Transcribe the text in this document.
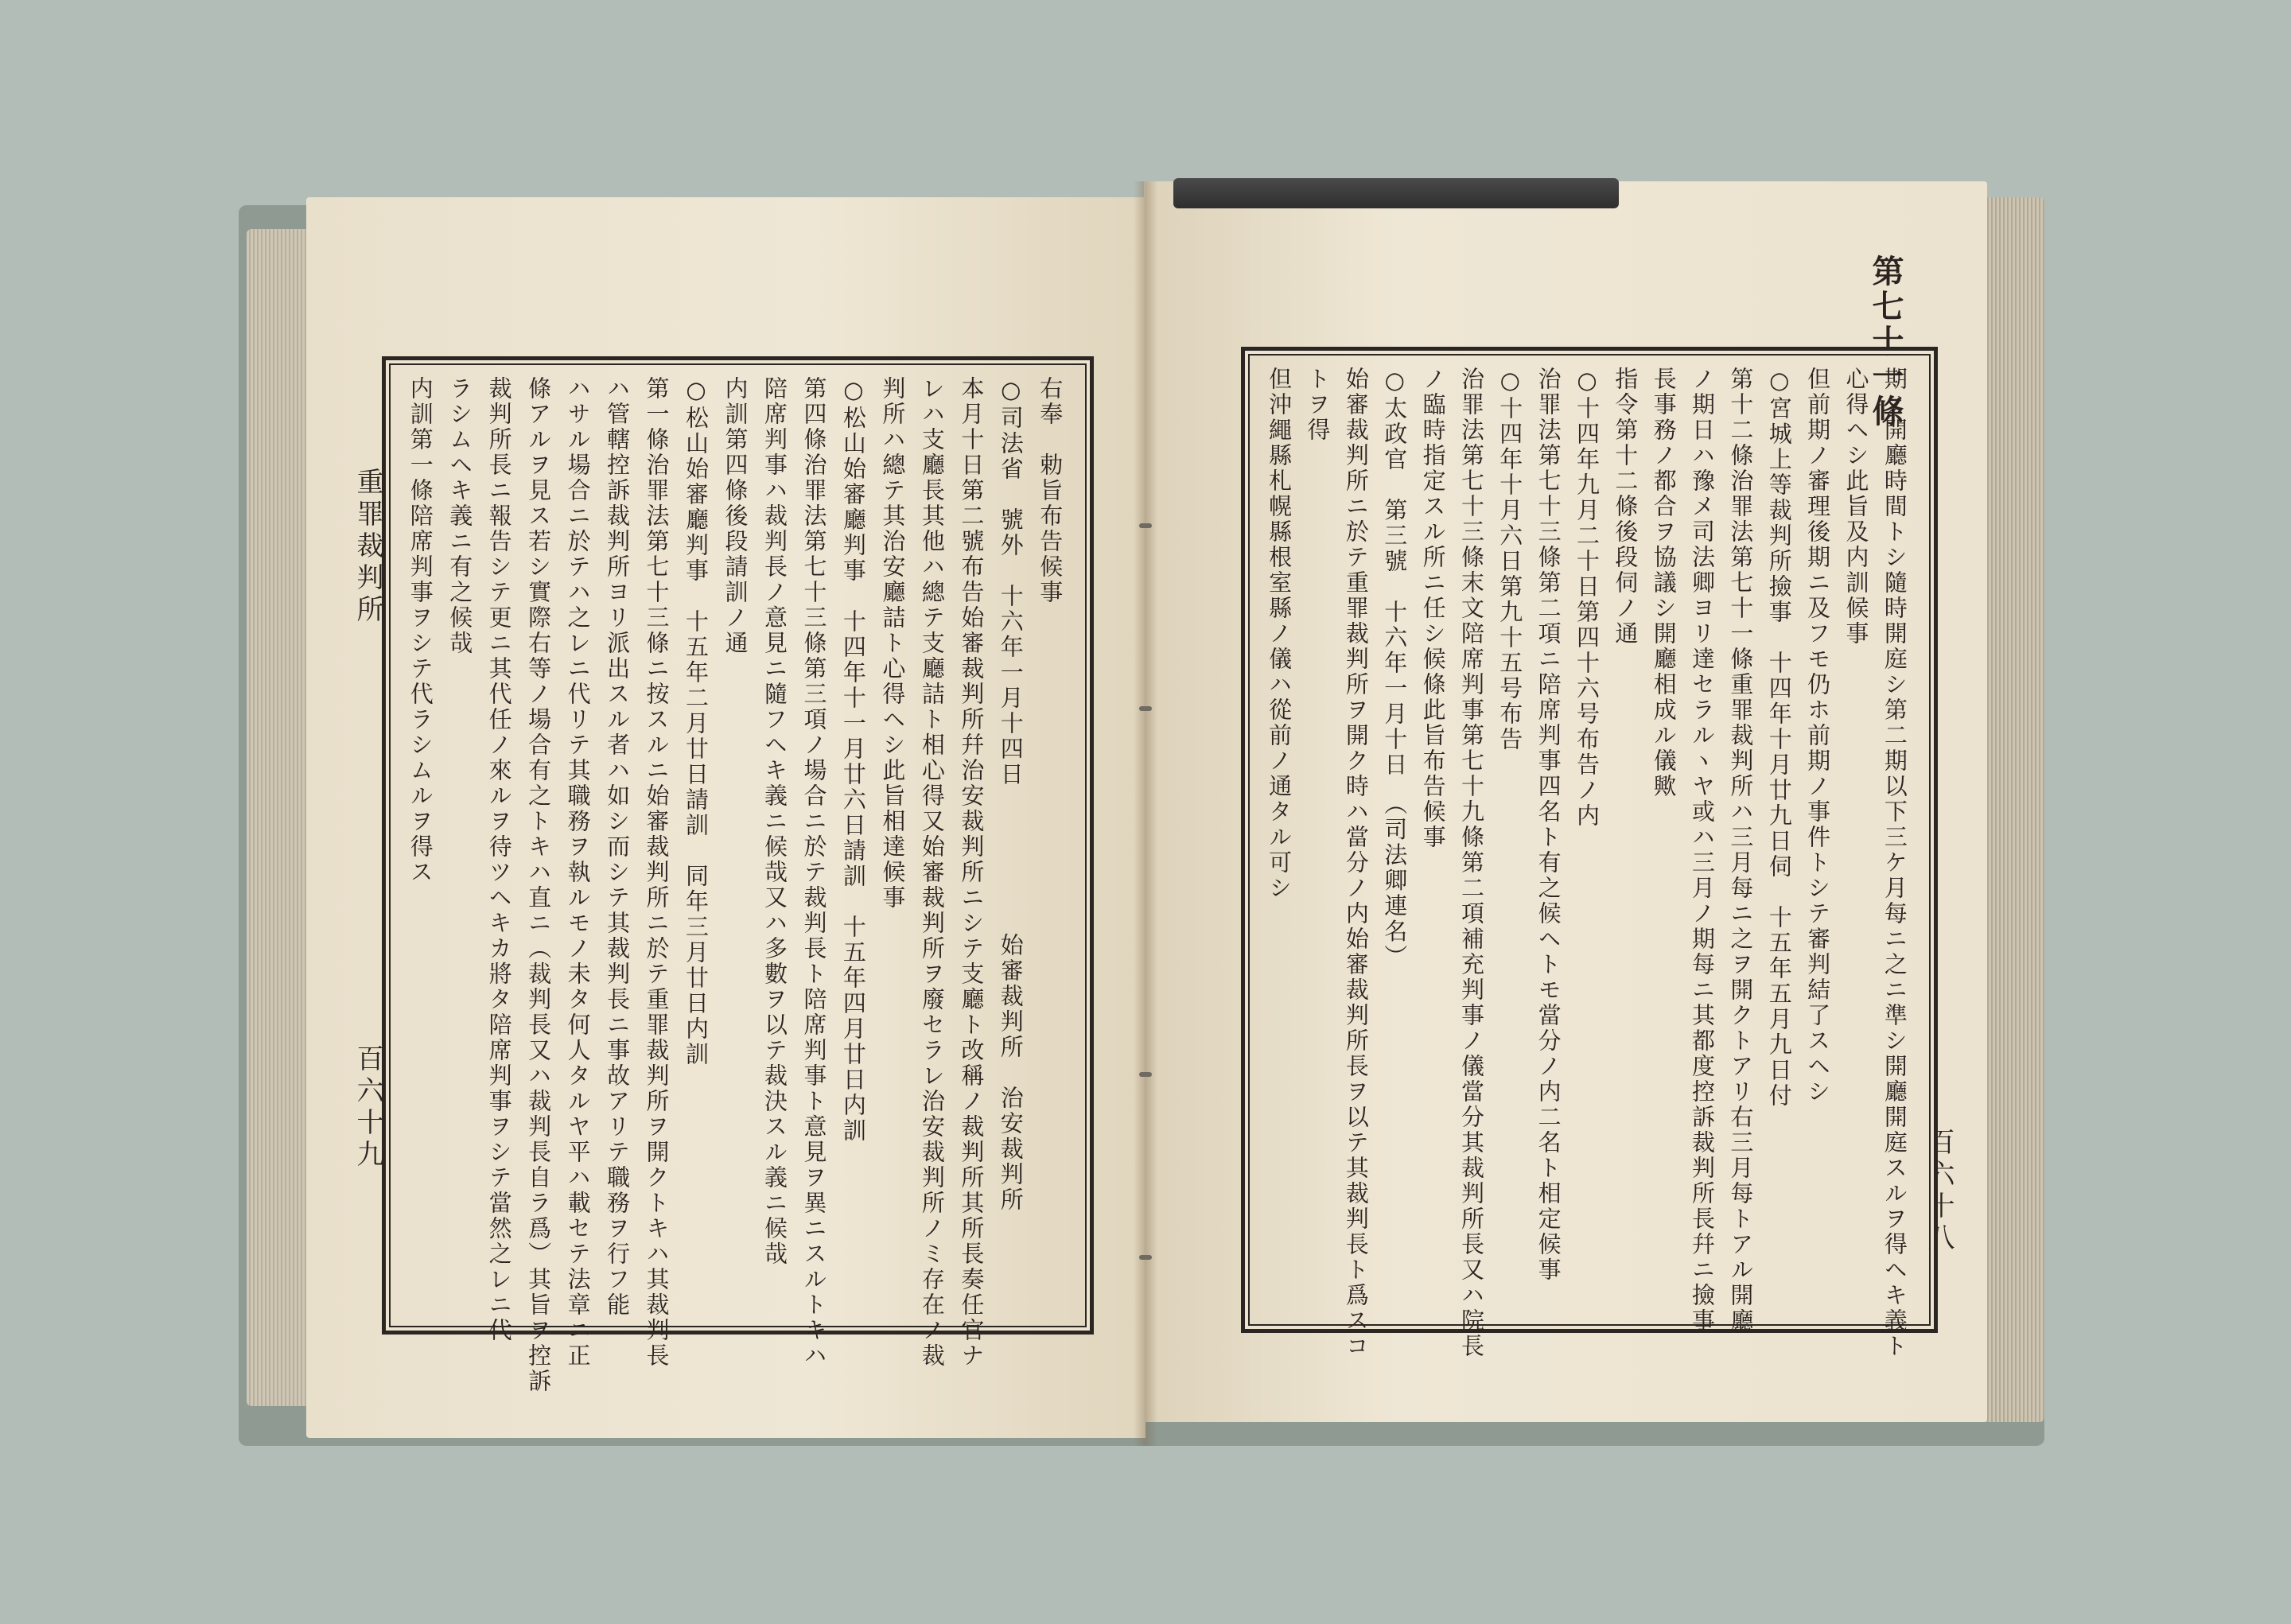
重罪裁判所
百六十九
右奉　勅旨布告候事
○司法省　號外　十六年一月十四日
本月十日第二號布告始審裁判所幷治安裁判所ニシテ支廳ト改稱ノ裁判所其所長奏任官ナ
レハ支廳長其他ハ總テ支廳詰ト相心得又始審裁判所ヲ廢セラレ治安裁判所ノミ存在ノ裁
判所ハ總テ其治安廳詰ト心得ヘシ此旨相達候事
○松山始審廳判事　十四年十一月廿六日請訓　十五年四月廿日内訓
第四條治罪法第七十三條第三項ノ場合ニ於テ裁判長ト陪席判事ト意見ヲ異ニスルトキハ
陪席判事ハ裁判長ノ意見ニ隨フヘキ義ニ候哉又ハ多數ヲ以テ裁決スル義ニ候哉
内訓第四條後段請訓ノ通
○松山始審廳判事　十五年二月廿日請訓　同年三月廿日内訓
第一條治罪法第七十三條ニ按スルニ始審裁判所ニ於テ重罪裁判所ヲ開クトキハ其裁判長
ハ管轄控訴裁判所ヨリ派出スル者ハ如シ而シテ其裁判長ニ事故アリテ職務ヲ行フ能
ハサル場合ニ於テハ之レニ代リテ其職務ヲ執ルモノ未タ何人タルヤ平ハ載セテ法章ニ正
條アルヲ見ス若シ實際右等ノ場合有之トキハ直ニ（裁判長又ハ裁判長自ラ爲）其旨ヲ控訴
裁判所長ニ報告シテ更ニ其代任ノ來ルヲ待ツヘキカ將タ陪席判事ヲシテ當然之レニ代
ラシムヘキ義ニ有之候哉
内訓第一條陪席判事ヲシテ代ラシムルヲ得ス
始審裁判所　治安裁判所
第七十一條
百六十八
期ノ開廳時間トシ隨時開庭シ第二期以下三ケ月每ニ之ニ準シ開廳開庭スルヲ得ヘキ義ト
心得ヘシ此旨及内訓候事
但前期ノ審理後期ニ及フモ仍ホ前期ノ事件トシテ審判結了スヘシ
○宮城上等裁判所撿事　十四年十月廿九日伺　十五年五月九日付
第十二條治罪法第七十一條重罪裁判所ハ三月每ニ之ヲ開クトアリ右三月每トアル開廳
ノ期日ハ豫メ司法卿ヨリ達セラルヽヤ或ハ三月ノ期每ニ其都度控訴裁判所長幷ニ撿事
長事務ノ都合ヲ協議シ開廳相成ル儀歟
指令第十二條後段伺ノ通
○十四年九月二十日第四十六号布告ノ内
治罪法第七十三條第二項ニ陪席判事四名ト有之候ヘトモ當分ノ内二名ト相定候事
○十四年十月六日第九十五号布告
治罪法第七十三條末文陪席判事第七十九條第二項補充判事ノ儀當分其裁判所長又ハ院長
ノ臨時指定スル所ニ任シ候條此旨布告候事
○太政官　第三號　十六年一月十日　（司法卿連名）
始審裁判所ニ於テ重罪裁判所ヲ開ク時ハ當分ノ内始審裁判所長ヲ以テ其裁判長ト爲スコ
トヲ得
但沖繩縣札幌縣根室縣ノ儀ハ從前ノ通タル可シ
